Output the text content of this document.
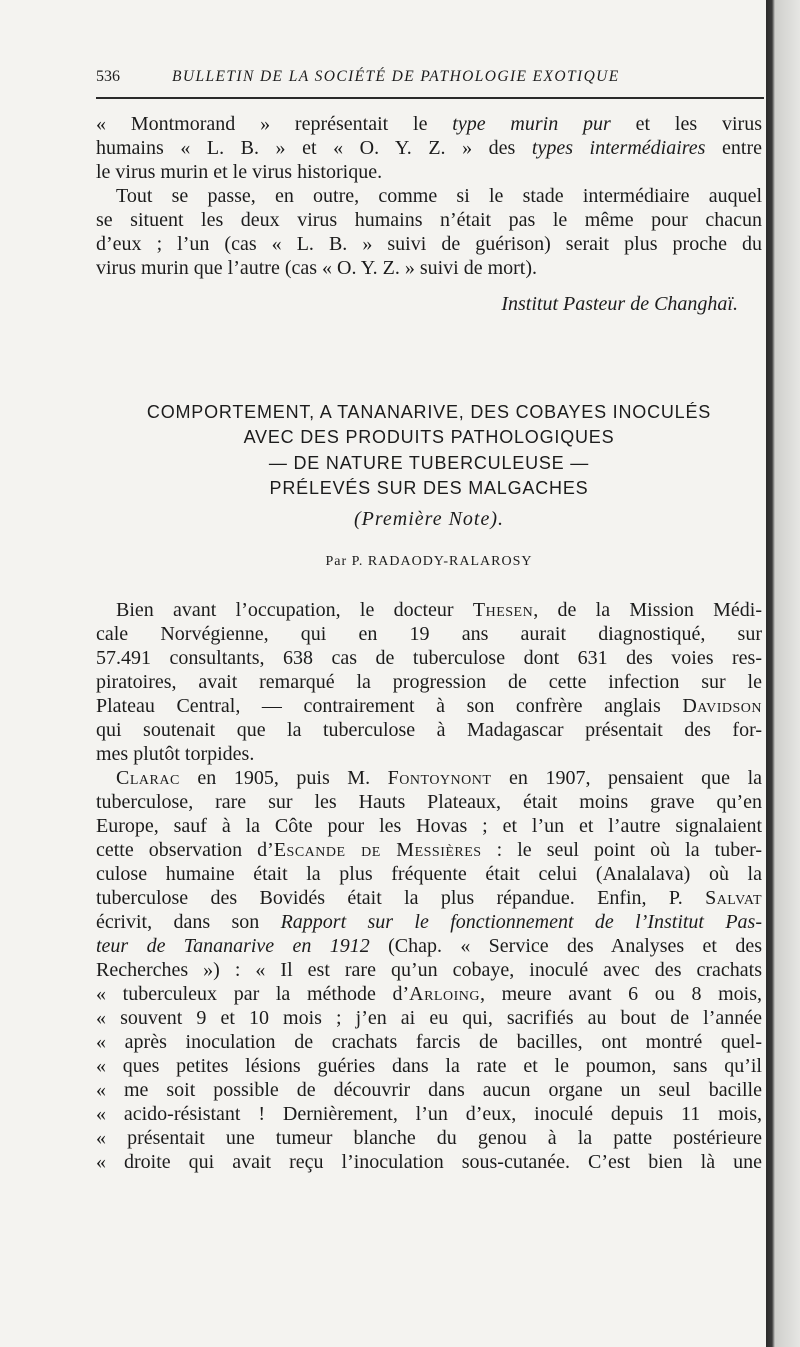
536	BULLETIN DE LA SOCIÉTÉ DE PATHOLOGIE EXOTIQUE
« Montmorand » représentait le type murin pur et les virus
humains « L. B. » et « O. Y. Z. » des types intermédiaires entre
le virus murin et le virus historique.
Tout se passe, en outre, comme si le stade intermédiaire auquel
se situent les deux virus humains n’était pas le même pour chacun
d’eux ; l’un (cas « L. B. » suivi de guérison) serait plus proche du
virus murin que l’autre (cas « O. Y. Z. » suivi de mort).
Institut Pasteur de Changhaï.
COMPORTEMENT, A TANANARIVE, DES COBAYES INOCULÉS
AVEC DES PRODUITS PATHOLOGIQUES
— DE NATURE TUBERCULEUSE —
PRÉLEVÉS SUR DES MALGACHES
(Première Note).
Par P. RADAODY-RALAROSY
Bien avant l’occupation, le docteur Thesen, de la Mission Médi-
cale Norvégienne, qui en 19 ans aurait diagnostiqué, sur
57.491 consultants, 638 cas de tuberculose dont 631 des voies res-
piratoires, avait remarqué la progression de cette infection sur le
Plateau Central, — contrairement à son confrère anglais Davidson
qui soutenait que la tuberculose à Madagascar présentait des for-
mes plutôt torpides.
Clarac en 1905, puis M. Fontoynont en 1907, pensaient que la
tuberculose, rare sur les Hauts Plateaux, était moins grave qu’en
Europe, sauf à la Côte pour les Hovas ; et l’un et l’autre signalaient
cette observation d’Escande de Messières : le seul point où la tuber-
culose humaine était la plus fréquente était celui (Analalava) où la
tuberculose des Bovidés était la plus répandue. Enfin, P. Salvat
écrivit, dans son Rapport sur le fonctionnement de l’Institut Pas-
teur de Tananarive en 1912 (Chap. « Service des Analyses et des
Recherches ») : « Il est rare qu’un cobaye, inoculé avec des crachats
« tuberculeux par la méthode d’Arloing, meure avant 6 ou 8 mois,
« souvent 9 et 10 mois ; j’en ai eu qui, sacrifiés au bout de l’année
« après inoculation de crachats farcis de bacilles, ont montré quel-
« ques petites lésions guéries dans la rate et le poumon, sans qu’il
« me soit possible de découvrir dans aucun organe un seul bacille
« acido-résistant ! Dernièrement, l’un d’eux, inoculé depuis 11 mois,
« présentait une tumeur blanche du genou à la patte postérieure
« droite qui avait reçu l’inoculation sous-cutanée. C’est bien là une
